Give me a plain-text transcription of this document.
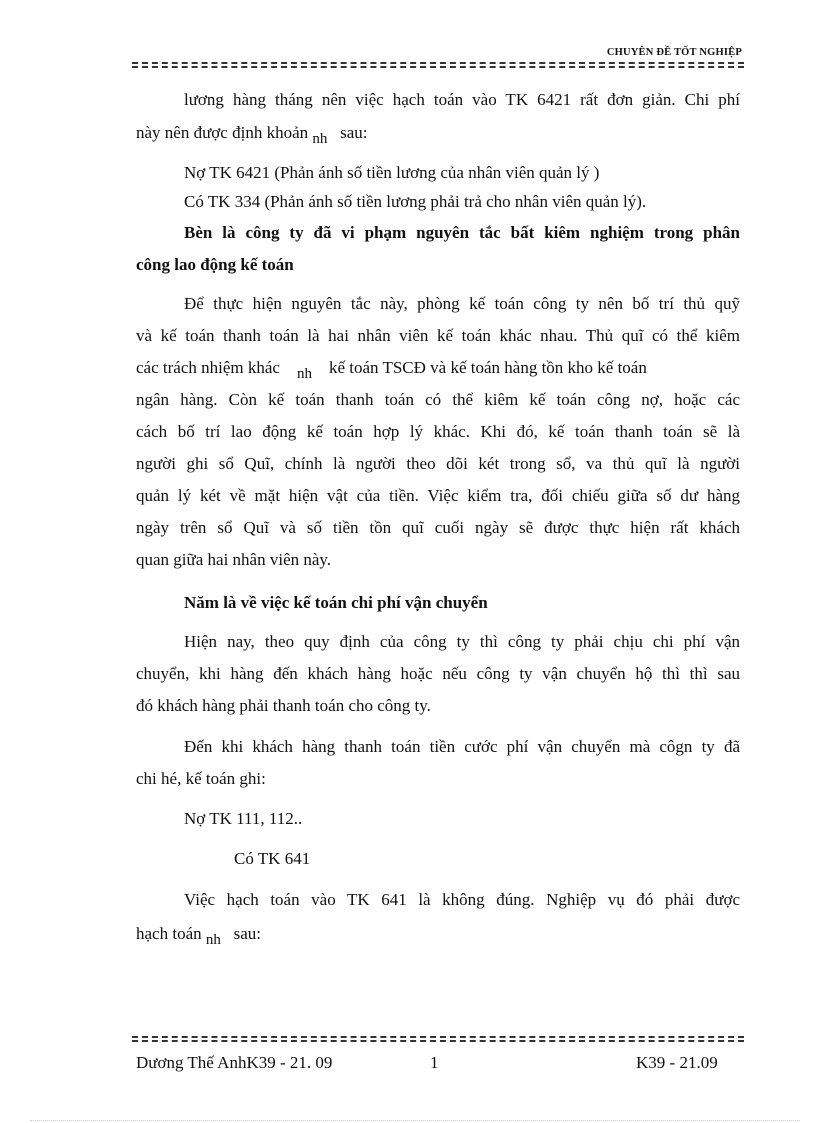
CHUYÊN ĐỀ TỐT NGHIỆP
lương hàng tháng nên việc hạch toán vào TK 6421 rất đơn giản. Chi phí
này nên được định khoản nh sau:
Nợ TK 6421 (Phản ánh số tiền lương của nhân viên quản lý )
Có TK 334 (Phản ánh số tiền lương phải trả cho nhân viên quản lý).
Bèn là công ty đã vi phạm nguyên tắc bất kiêm nghiệm trong phân
công lao động kế toán
Để thực hiện nguyên tắc này, phòng kế toán công ty nên bố trí thủ quỹ
và kế toán thanh toán là hai nhân viên kế toán khác nhau. Thủ quĩ có thể kiêm
các trách nhiệm khác nh kế toán TSCĐ và kế toán hàng tồn kho kế toán
ngân hàng. Còn kế toán thanh toán có thể kiêm kế toán công nợ, hoặc các
cách bố trí lao động kế toán hợp lý khác. Khi đó, kế toán thanh toán sẽ là
người ghi sổ Quĩ, chính là người theo dõi két trong sổ, va thủ quĩ là người
quản lý két về mặt hiện vật của tiền. Việc kiểm tra, đối chiếu giữa số dư hàng
ngày trên sổ Quĩ và số tiền tồn quĩ cuối ngày sẽ được thực hiện rất khách
quan giữa hai nhân viên này.
Năm là về việc kế toán chi phí vận chuyển
Hiện nay, theo quy định của công ty thì công ty phải chịu chi phí vận
chuyển, khi hàng đến khách hàng hoặc nếu công ty vận chuyển hộ thì thì sau
đó khách hàng phải thanh toán cho công ty.
Đến khi khách hàng thanh toán tiền cước phí vận chuyển mà côgn ty đã
chi hé, kế toán ghi:
Nợ TK 111, 112..
Có TK 641
Việc hạch toán vào TK 641 là không đúng. Nghiệp vụ đó phải được
hạch toán nh sau:
Dương Thế AnhK39 - 21. 09	1	K39 - 21.09
